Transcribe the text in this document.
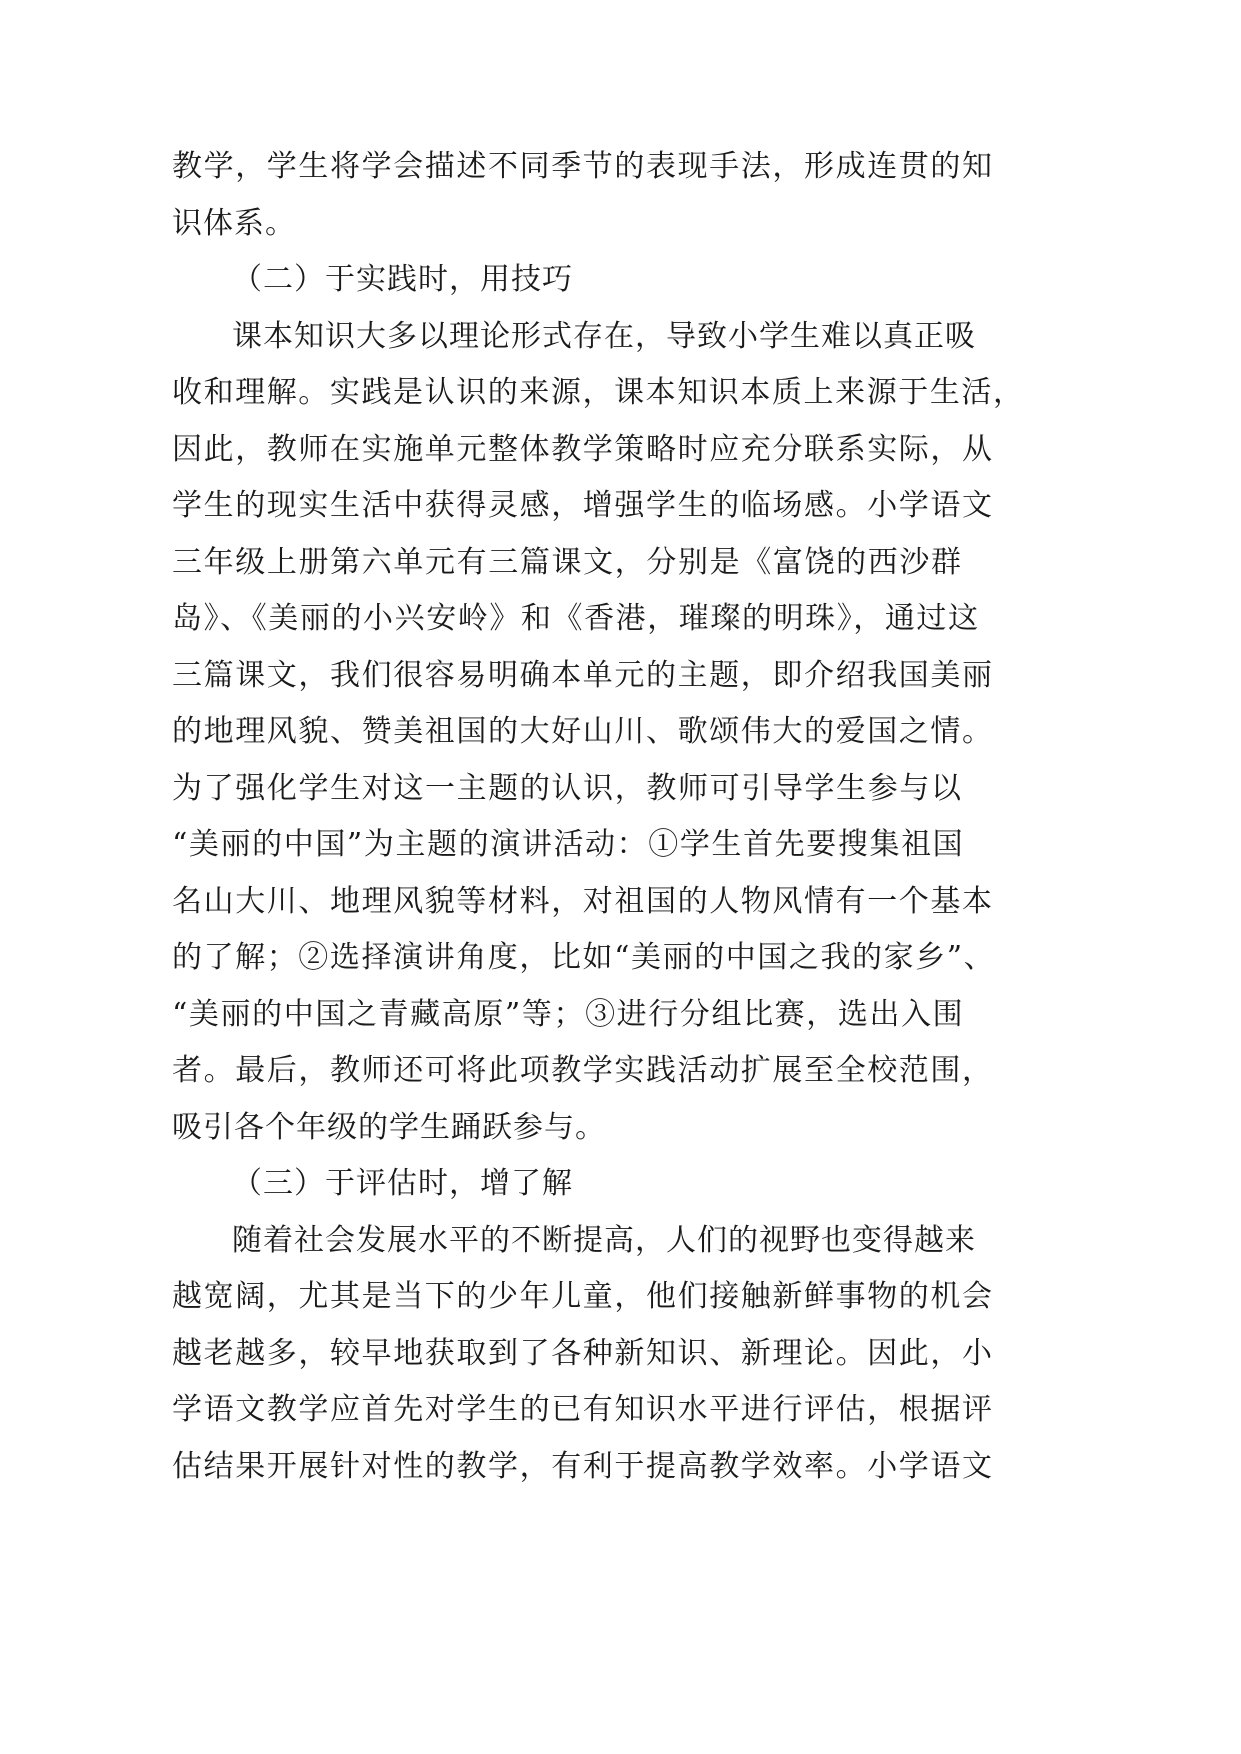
教学，学生将学会描述不同季节的表现手法，形成连贯的知
识体系。
（二）于实践时，用技巧
课本知识大多以理论形式存在，导致小学生难以真正吸
收和理解。实践是认识的来源，课本知识本质上来源于生活，
因此，教师在实施单元整体教学策略时应充分联系实际，从
学生的现实生活中获得灵感，增强学生的临场感。小学语文
三年级上册第六单元有三篇课文，分别是《富饶的西沙群
岛》、《美丽的小兴安岭》和《香港，璀璨的明珠》，通过这
三篇课文，我们很容易明确本单元的主题，即介绍我国美丽
的地理风貌、赞美祖国的大好山川、歌颂伟大的爱国之情。
为了强化学生对这一主题的认识，教师可引导学生参与以
“美丽的中国”为主题的演讲活动：①学生首先要搜集祖国
名山大川、地理风貌等材料，对祖国的人物风情有一个基本
的了解；②选择演讲角度，比如“美丽的中国之我的家乡”、
“美丽的中国之青藏高原”等；③进行分组比赛，选出入围
者。最后，教师还可将此项教学实践活动扩展至全校范围，
吸引各个年级的学生踊跃参与。
（三）于评估时，增了解
随着社会发展水平的不断提高，人们的视野也变得越来
越宽阔，尤其是当下的少年儿童，他们接触新鲜事物的机会
越老越多，较早地获取到了各种新知识、新理论。因此，小
学语文教学应首先对学生的已有知识水平进行评估，根据评
估结果开展针对性的教学，有利于提高教学效率。小学语文
